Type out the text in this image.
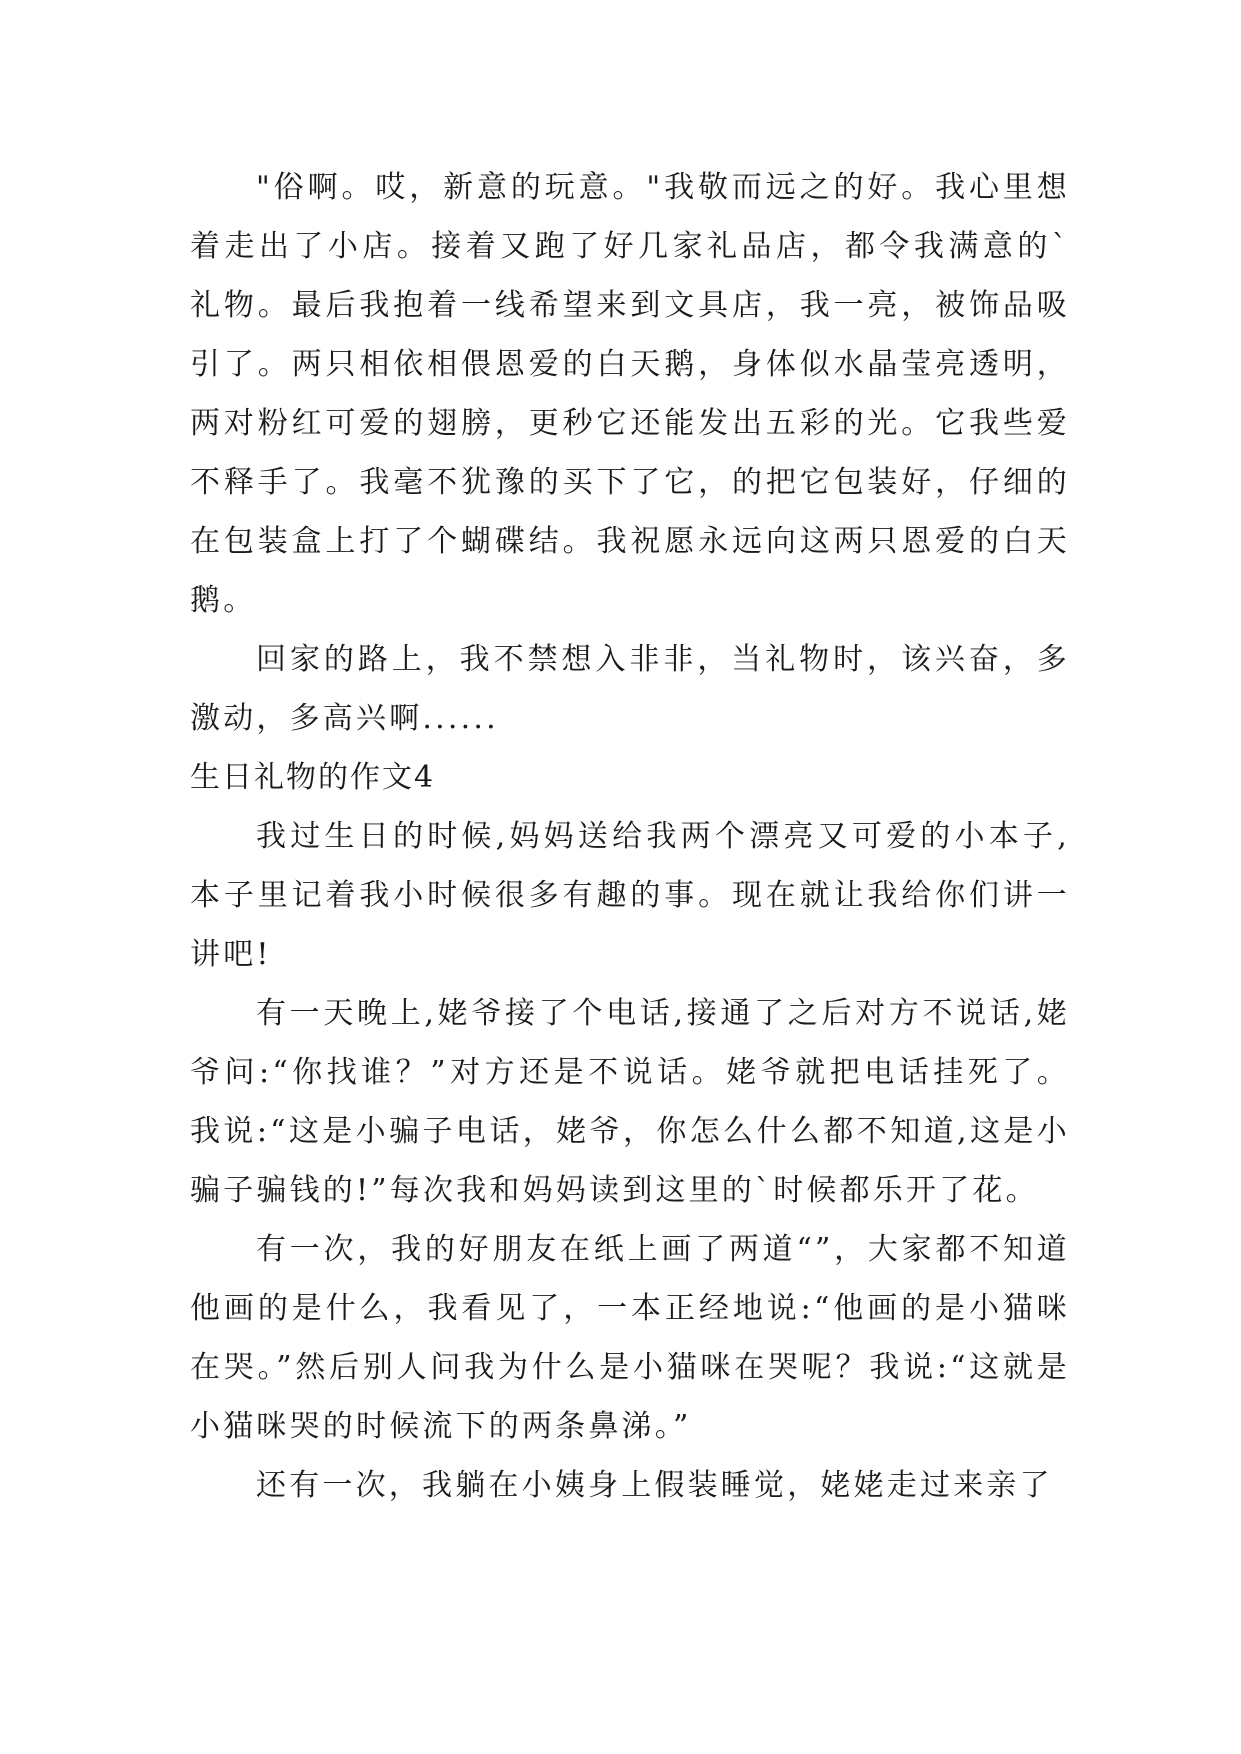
"俗啊。哎，新意的玩意。"我敬而远之的好。我心里想着走出了小店。接着又跑了好几家礼品店，都令我满意的`礼物。最后我抱着一线希望来到文具店，我一亮，被饰品吸引了。两只相依相偎恩爱的白天鹅，身体似水晶莹亮透明，两对粉红可爱的翅膀，更秒它还能发出五彩的光。它我些爱不释手了。我毫不犹豫的买下了它，的把它包装好，仔细的在包装盒上打了个蝴碟结。我祝愿永远向这两只恩爱的白天鹅。

回家的路上，我不禁想入非非，当礼物时，该兴奋，多激动，多高兴啊......

生日礼物的作文4

我过生日的时候,妈妈送给我两个漂亮又可爱的小本子,本子里记着我小时候很多有趣的事。现在就让我给你们讲一讲吧!

有一天晚上,姥爷接了个电话,接通了之后对方不说话,姥爷问:“你找谁？”对方还是不说话。姥爷就把电话挂死了。我说:“这是小骗子电话，姥爷，你怎么什么都不知道,这是小骗子骗钱的!”每次我和妈妈读到这里的`时候都乐开了花。

有一次，我的好朋友在纸上画了两道“”，大家都不知道他画的是什么，我看见了，一本正经地说:“他画的是小猫咪在哭。”然后别人问我为什么是小猫咪在哭呢？我说:“这就是小猫咪哭的时候流下的两条鼻涕。”

还有一次，我躺在小姨身上假装睡觉，姥姥走过来亲了
